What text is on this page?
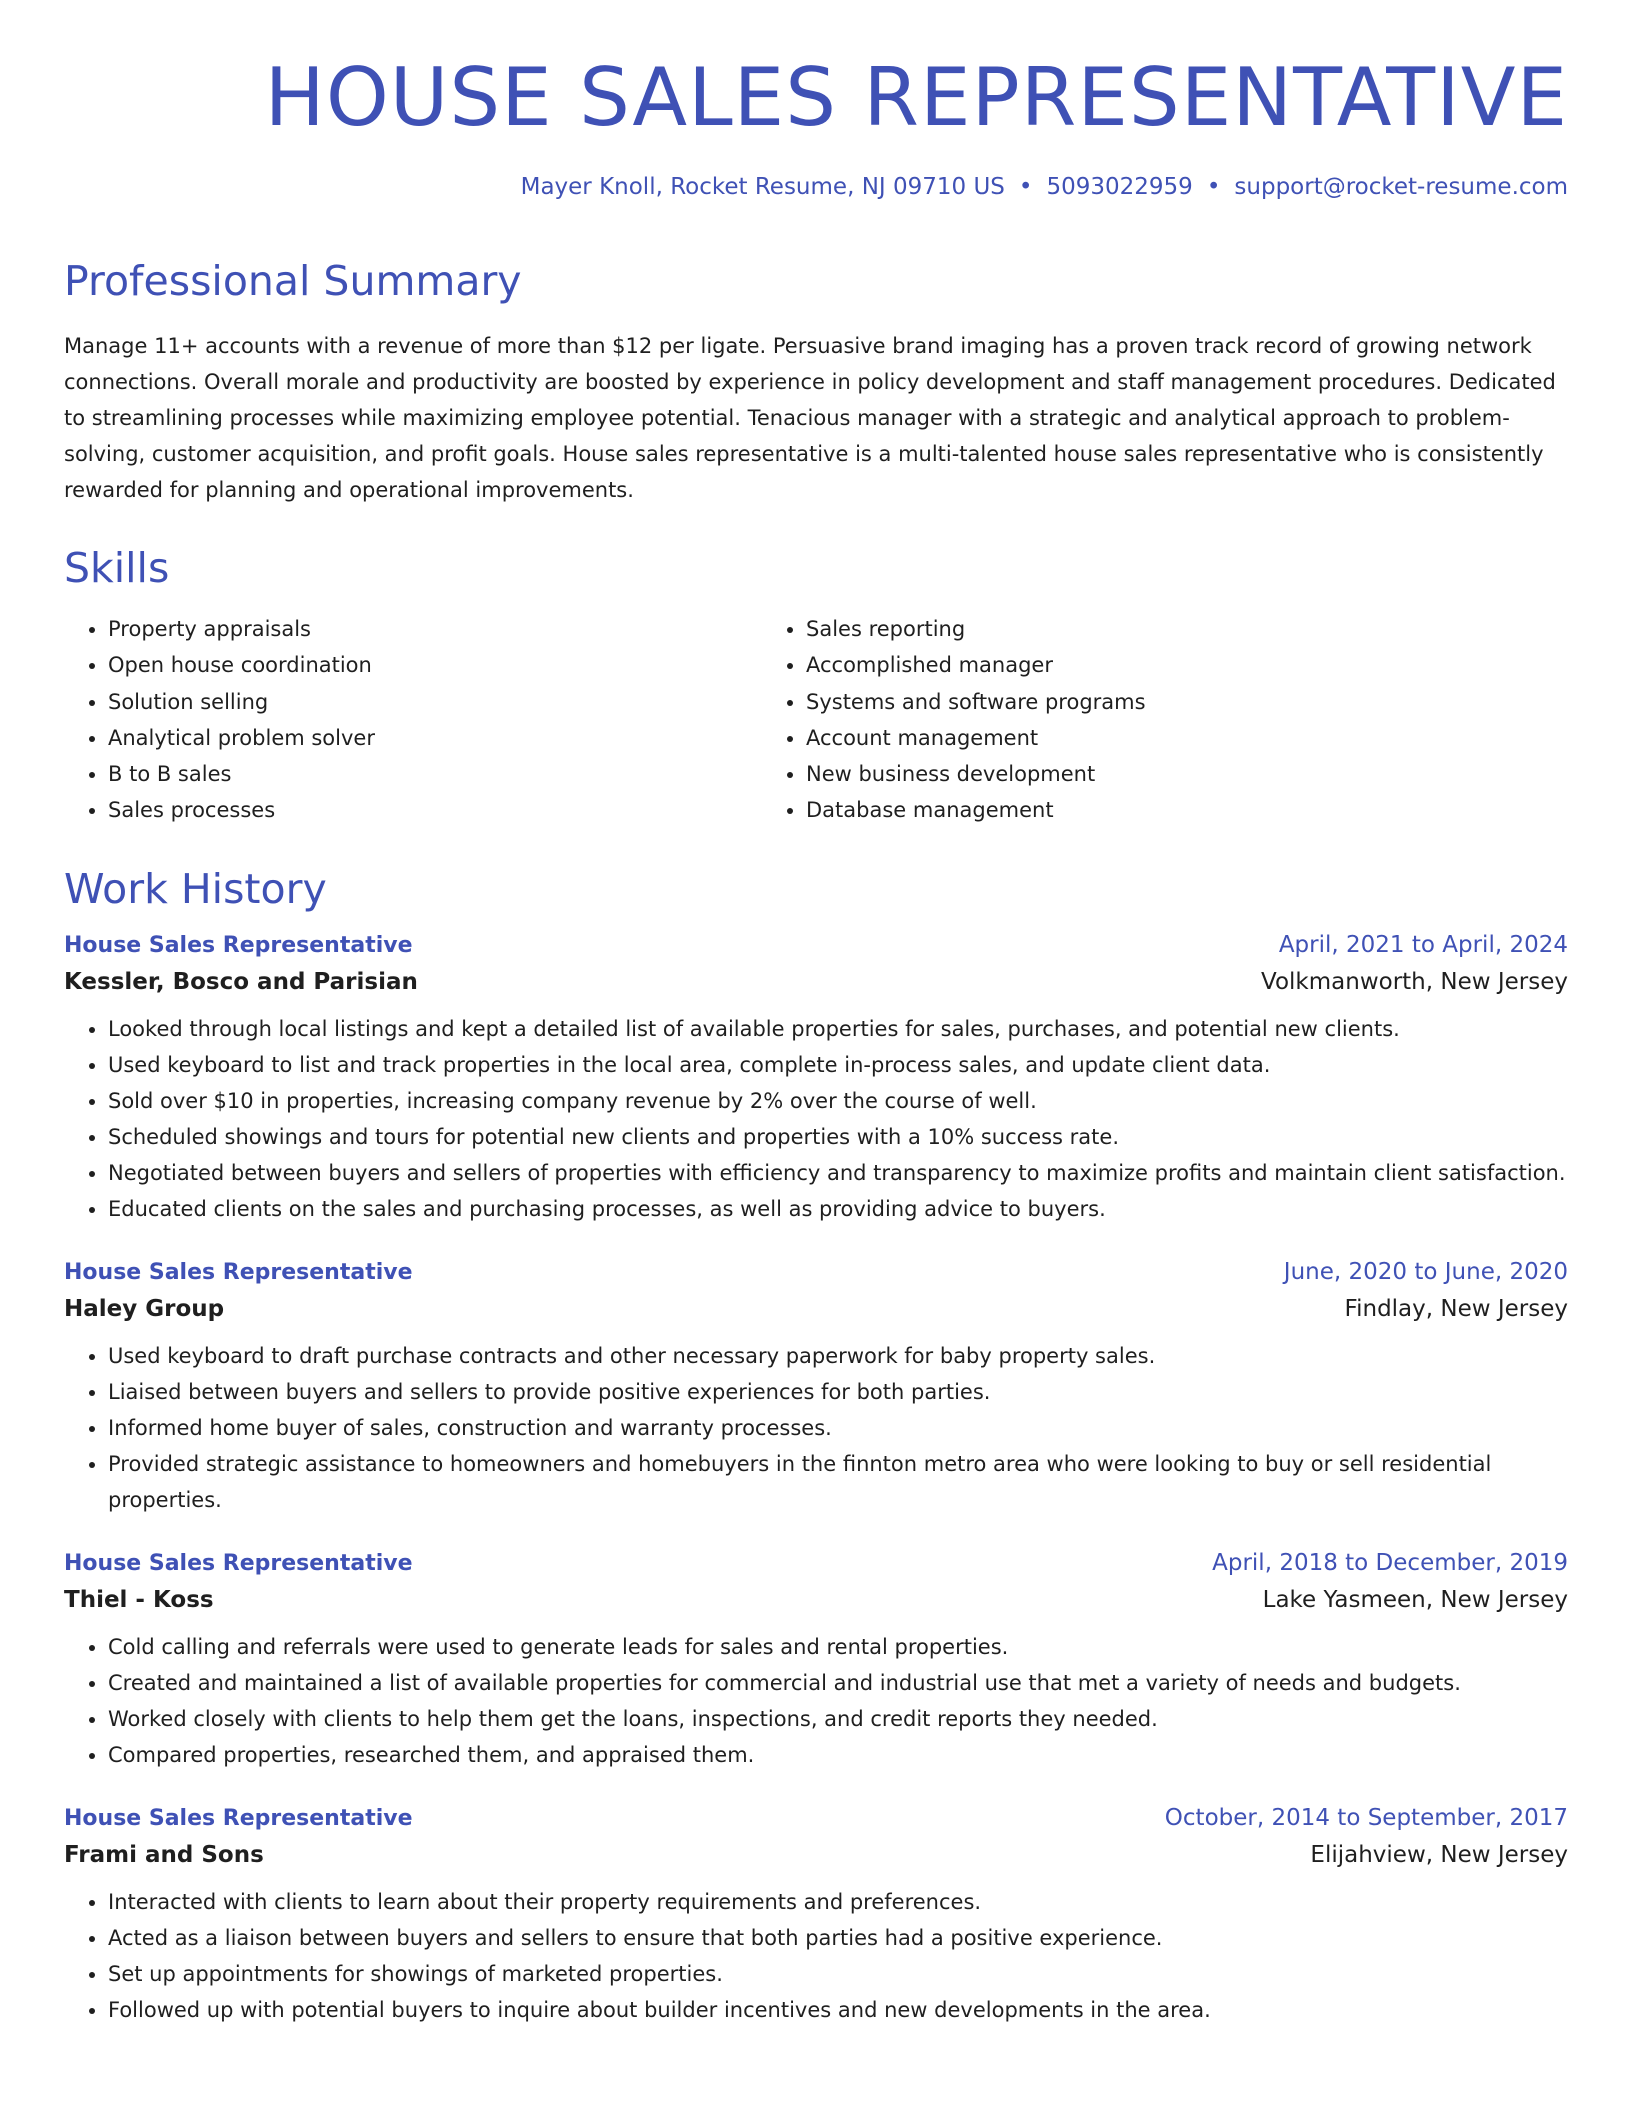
HOUSE SALES REPRESENTATIVE
Mayer Knoll, Rocket Resume, NJ 09710 US • 5093022959 • support@rocket-resume.com
Professional Summary
Manage 11+ accounts with a revenue of more than $12 per ligate. Persuasive brand imaging has a proven track record of growing network connections. Overall morale and productivity are boosted by experience in policy development and staff management procedures. Dedicated to streamlining processes while maximizing employee potential. Tenacious manager with a strategic and analytical approach to problem-solving, customer acquisition, and profit goals. House sales representative is a multi-talented house sales representative who is consistently rewarded for planning and operational improvements.
Skills
• Property appraisals
• Open house coordination
• Solution selling
• Analytical problem solver
• B to B sales
• Sales processes
• Sales reporting
• Accomplished manager
• Systems and software programs
• Account management
• New business development
• Database management
Work History
House Sales Representative	April, 2021 to April, 2024
Kessler, Bosco and Parisian	Volkmanworth, New Jersey
• Looked through local listings and kept a detailed list of available properties for sales, purchases, and potential new clients.
• Used keyboard to list and track properties in the local area, complete in-process sales, and update client data.
• Sold over $10 in properties, increasing company revenue by 2% over the course of well.
• Scheduled showings and tours for potential new clients and properties with a 10% success rate.
• Negotiated between buyers and sellers of properties with efficiency and transparency to maximize profits and maintain client satisfaction.
• Educated clients on the sales and purchasing processes, as well as providing advice to buyers.
House Sales Representative	June, 2020 to June, 2020
Haley Group	Findlay, New Jersey
• Used keyboard to draft purchase contracts and other necessary paperwork for baby property sales.
• Liaised between buyers and sellers to provide positive experiences for both parties.
• Informed home buyer of sales, construction and warranty processes.
• Provided strategic assistance to homeowners and homebuyers in the finnton metro area who were looking to buy or sell residential properties.
House Sales Representative	April, 2018 to December, 2019
Thiel - Koss	Lake Yasmeen, New Jersey
• Cold calling and referrals were used to generate leads for sales and rental properties.
• Created and maintained a list of available properties for commercial and industrial use that met a variety of needs and budgets.
• Worked closely with clients to help them get the loans, inspections, and credit reports they needed.
• Compared properties, researched them, and appraised them.
House Sales Representative	October, 2014 to September, 2017
Frami and Sons	Elijahview, New Jersey
• Interacted with clients to learn about their property requirements and preferences.
• Acted as a liaison between buyers and sellers to ensure that both parties had a positive experience.
• Set up appointments for showings of marketed properties.
• Followed up with potential buyers to inquire about builder incentives and new developments in the area.
